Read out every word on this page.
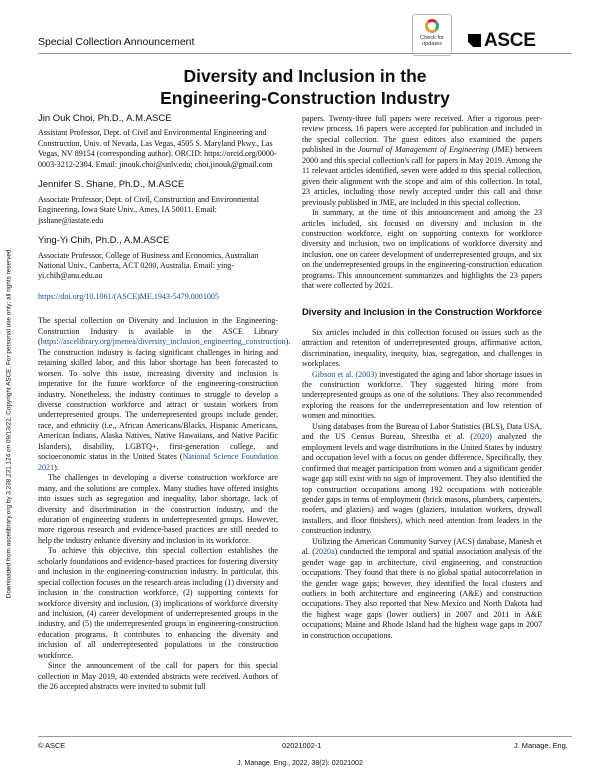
Special Collection Announcement	Check for updates	ASCE
Diversity and Inclusion in the
Engineering-Construction Industry
Downloaded from ascelibrary.org by 3.238.231.124 on 09/13/22. Copyright ASCE. For personal use only; all rights reserved.
Jin Ouk Choi, Ph.D., A.M.ASCE
Assistant Professor, Dept. of Civil and Environmental Engineering and Construction, Univ. of Nevada, Las Vegas, 4505 S. Maryland Pkwy., Las Vegas, NV 89154 (corresponding author). ORCID: https://orcid.org/0000-0003-3212-2304. Email: jinouk.choi@unlv.edu; choi.jinouk@gmail.com
Jennifer S. Shane, Ph.D., M.ASCE
Associate Professor, Dept. of Civil, Construction and Environmental Engineering, Iowa State Univ., Ames, IA 50011. Email: jsshane@iastate.edu
Ying-Yi Chih, Ph.D., A.M.ASCE
Associate Professor, College of Business and Economics, Australian National Univ., Canberra, ACT 0200, Australia. Email: ying-yi.chih@anu.edu.au
https://doi.org/10.1061/(ASCE)ME.1943-5479.0001005

The special collection on Diversity and Inclusion in the Engineering-Construction Industry is available in the ASCE Library (https://ascelibrary.org/jmenea/diversity_inclusion_engineering_construction). The construction industry is facing significant challenges in hiring and retaining skilled labor, and this labor shortage has been forecasted to worsen. To solve this issue, increasing diversity and inclusion is imperative for the future workforce of the engineering-construction industry. Nonetheless, the industry continues to struggle to develop a diverse construction workforce and attract or sustain workers from underrepresented groups. The underrepresented groups include gender, race, and ethnicity (i.e., African Americans/Blacks, Hispanic Americans, American Indians, Alaska Natives, Native Hawaiians, and Native Pacific Islanders), disability, LGBTQ+, first-generation college, and socioeconomic status in the United States (National Science Foundation 2021).

The challenges in developing a diverse construction workforce are many, and the solutions are complex. Many studies have offered insights into issues such as segregation and inequality, labor shortage, lack of diversity and discrimination in the construction industry, and the education of engineering students in underrepresented groups. However, more rigorous research and evidence-based practices are still needed to help the industry enhance diversity and inclusion in its workforce.

To achieve this objective, this special collection establishes the scholarly foundations and evidence-based practices for fostering diversity and inclusion in the engineering-construction industry. In particular, this special collection focuses on the research areas including (1) diversity and inclusion in the construction workforce, (2) supporting contexts for workforce diversity and inclusion, (3) implications of workforce diversity and inclusion, (4) career development of underrepresented groups in the industry, and (5) the underrepresented groups in engineering-construction education programs. It contributes to enhancing the diversity and inclusion of all underrepresented populations in the construction workforce.

Since the announcement of the call for papers for this special collection in May 2019, 40 extended abstracts were received. Authors of the 26 accepted abstracts were invited to submit full

papers. Twenty-three full papers were received. After a rigorous peer-review process, 16 papers were accepted for publication and included in the special collection. The guest editors also examined the papers published in the Journal of Management of Engineering (JME) between 2000 and this special collection's call for papers in May 2019. Among the 11 relevant articles identified, seven were added to this special collection, given their alignment with the scope and aim of this collection. In total, 23 articles, including those newly accepted under this call and those previously published in JME, are included in this special collection.

In summary, at the time of this announcement and among the 23 articles included, six focused on diversity and inclusion in the construction workforce, eight on supporting contexts for workforce diversity and inclusion, two on implications of workforce diversity and inclusion, one on career development of underrepresented groups, and six on the underrepresented groups in the engineering-construction education programs. This announcement summarizes and highlights the 23 papers that were collected by 2021.

Diversity and Inclusion in the Construction Workforce

Six articles included in this collection focused on issues such as the attraction and retention of underrepresented groups, affirmative action, discrimination, inequality, inequity, bias, segregation, and challenges in workplaces.

Gibson et al. (2003) investigated the aging and labor shortage issues in the construction workforce. They suggested hiring more from underrepresented groups as one of the solutions. They also recommended exploring the reasons for the underrepresentation and low retention of women and minorities.

Using databases from the Bureau of Labor Statistics (BLS), Data USA, and the US Census Bureau, Shrestha et al. (2020) analyzed the employment levels and wage distributions in the United States by industry and occupation level with a focus on gender difference. Specifically, they confirmed that meager participation from women and a significant gender wage gap still exist with no sign of improvement. They also identified the top construction occupations among 192 occupations with noticeable gender gaps in terms of employment (brick masons, plumbers, carpenters, roofers, and glaziers) and wages (glaziers, insulation workers, drywall installers, and floor finishers), which need attention from leaders in the construction industry.

Utilizing the American Community Survey (ACS) database, Manesh et al. (2020a) conducted the temporal and spatial association analysis of the gender wage gap in architecture, civil engineering, and construction occupations. They found that there is no global spatial autocorrelation in the gender wage gaps; however, they identified the local clusters and outliers in both architecture and engineering (A&E) and construction occupations. They also reported that New Mexico and North Dakota had the highest wage gaps (lower outliers) in 2007 and 2011 in A&E occupations; Maine and Rhode Island had the highest wage gaps in 2007 in construction occupations.

© ASCE	02021002-1	J. Manage. Eng.
J. Manage. Eng., 2022, 38(2): 02021002
